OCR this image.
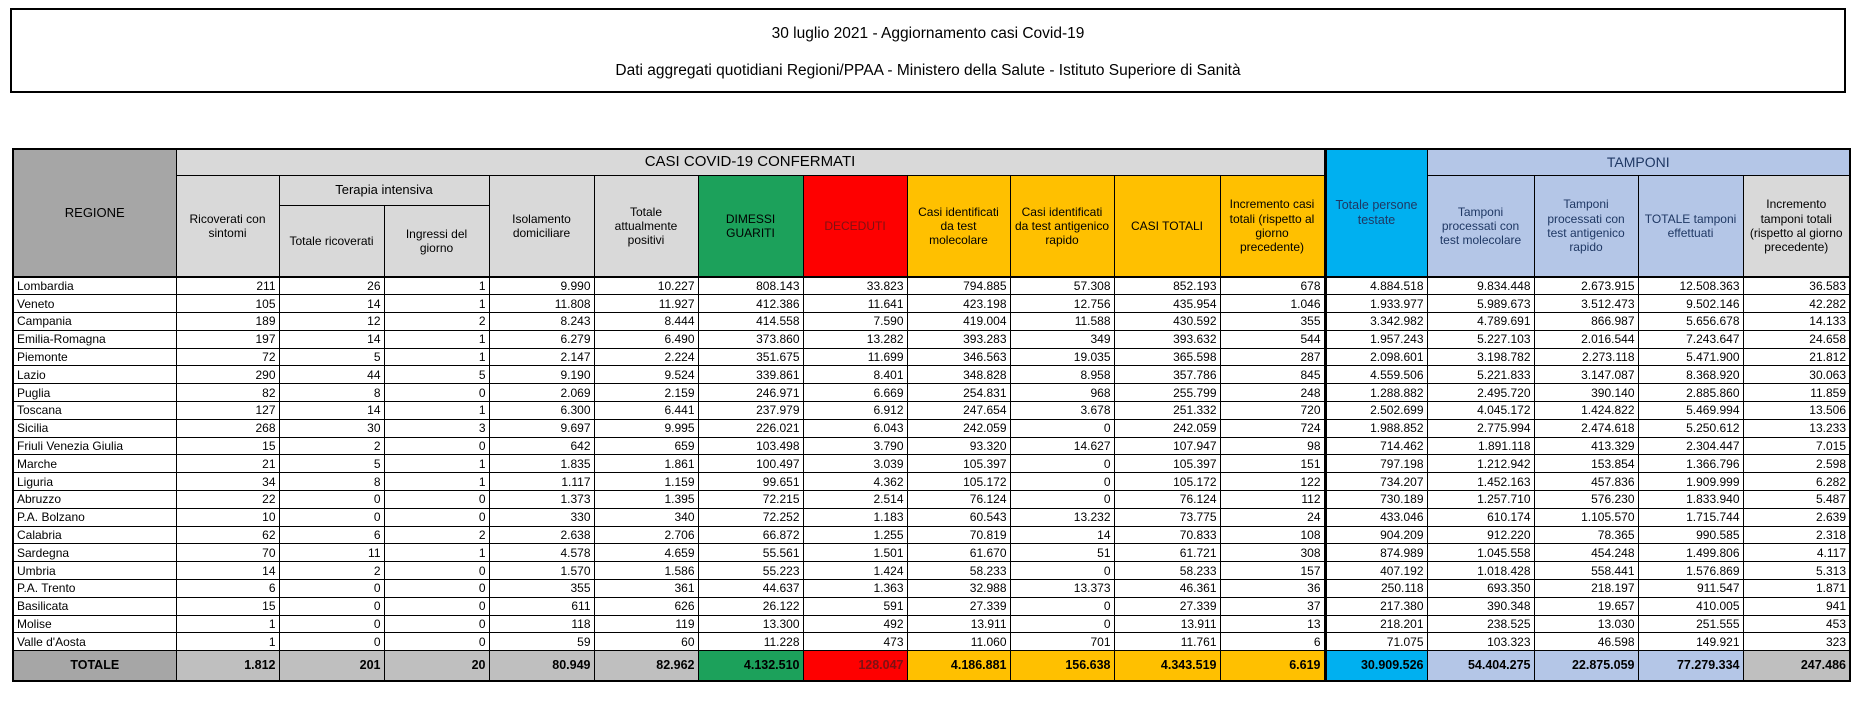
30 luglio 2021 - Aggiornamento casi Covid-19
Dati aggregati quotidiani Regioni/PPAA - Ministero della Salute - Istituto Superiore di Sanità
REGIONE	CASI COVID-19 CONFERMATI											Totale persone testate	TAMPONI			
	Ricoverati con sintomi	Terapia intensiva		Isolamento domiciliare	Totale attualmente positivi	DIMESSI GUARITI	DECEDUTI	Casi identificati da test molecolare	Casi identificati da test antigenico rapido	CASI TOTALI	Incremento casi totali (rispetto al giorno precedente)		Tamponi processati con test molecolare	Tamponi processati con test antigenico rapido	TOTALE tamponi effettuati	Incremento tamponi totali (rispetto al giorno precedente)
		Totale ricoverati	Ingressi del giorno													
Lombardia	211	26	1	9.990	10.227	808.143	33.823	794.885	57.308	852.193	678	4.884.518	9.834.448	2.673.915	12.508.363	36.583
Veneto	105	14	1	11.808	11.927	412.386	11.641	423.198	12.756	435.954	1.046	1.933.977	5.989.673	3.512.473	9.502.146	42.282
Campania	189	12	2	8.243	8.444	414.558	7.590	419.004	11.588	430.592	355	3.342.982	4.789.691	866.987	5.656.678	14.133
Emilia-Romagna	197	14	1	6.279	6.490	373.860	13.282	393.283	349	393.632	544	1.957.243	5.227.103	2.016.544	7.243.647	24.658
Piemonte	72	5	1	2.147	2.224	351.675	11.699	346.563	19.035	365.598	287	2.098.601	3.198.782	2.273.118	5.471.900	21.812
Lazio	290	44	5	9.190	9.524	339.861	8.401	348.828	8.958	357.786	845	4.559.506	5.221.833	3.147.087	8.368.920	30.063
Puglia	82	8	0	2.069	2.159	246.971	6.669	254.831	968	255.799	248	1.288.882	2.495.720	390.140	2.885.860	11.859
Toscana	127	14	1	6.300	6.441	237.979	6.912	247.654	3.678	251.332	720	2.502.699	4.045.172	1.424.822	5.469.994	13.506
Sicilia	268	30	3	9.697	9.995	226.021	6.043	242.059	0	242.059	724	1.988.852	2.775.994	2.474.618	5.250.612	13.233
Friuli Venezia Giulia	15	2	0	642	659	103.498	3.790	93.320	14.627	107.947	98	714.462	1.891.118	413.329	2.304.447	7.015
Marche	21	5	1	1.835	1.861	100.497	3.039	105.397	0	105.397	151	797.198	1.212.942	153.854	1.366.796	2.598
Liguria	34	8	1	1.117	1.159	99.651	4.362	105.172	0	105.172	122	734.207	1.452.163	457.836	1.909.999	6.282
Abruzzo	22	0	0	1.373	1.395	72.215	2.514	76.124	0	76.124	112	730.189	1.257.710	576.230	1.833.940	5.487
P.A. Bolzano	10	0	0	330	340	72.252	1.183	60.543	13.232	73.775	24	433.046	610.174	1.105.570	1.715.744	2.639
Calabria	62	6	2	2.638	2.706	66.872	1.255	70.819	14	70.833	108	904.209	912.220	78.365	990.585	2.318
Sardegna	70	11	1	4.578	4.659	55.561	1.501	61.670	51	61.721	308	874.989	1.045.558	454.248	1.499.806	4.117
Umbria	14	2	0	1.570	1.586	55.223	1.424	58.233	0	58.233	157	407.192	1.018.428	558.441	1.576.869	5.313
P.A. Trento	6	0	0	355	361	44.637	1.363	32.988	13.373	46.361	36	250.118	693.350	218.197	911.547	1.871
Basilicata	15	0	0	611	626	26.122	591	27.339	0	27.339	37	217.380	390.348	19.657	410.005	941
Molise	1	0	0	118	119	13.300	492	13.911	0	13.911	13	218.201	238.525	13.030	251.555	453
Valle d'Aosta	1	0	0	59	60	11.228	473	11.060	701	11.761	6	71.075	103.323	46.598	149.921	323
TOTALE	1.812	201	20	80.949	82.962	4.132.510	128.047	4.186.881	156.638	4.343.519	6.619	30.909.526	54.404.275	22.875.059	77.279.334	247.486
